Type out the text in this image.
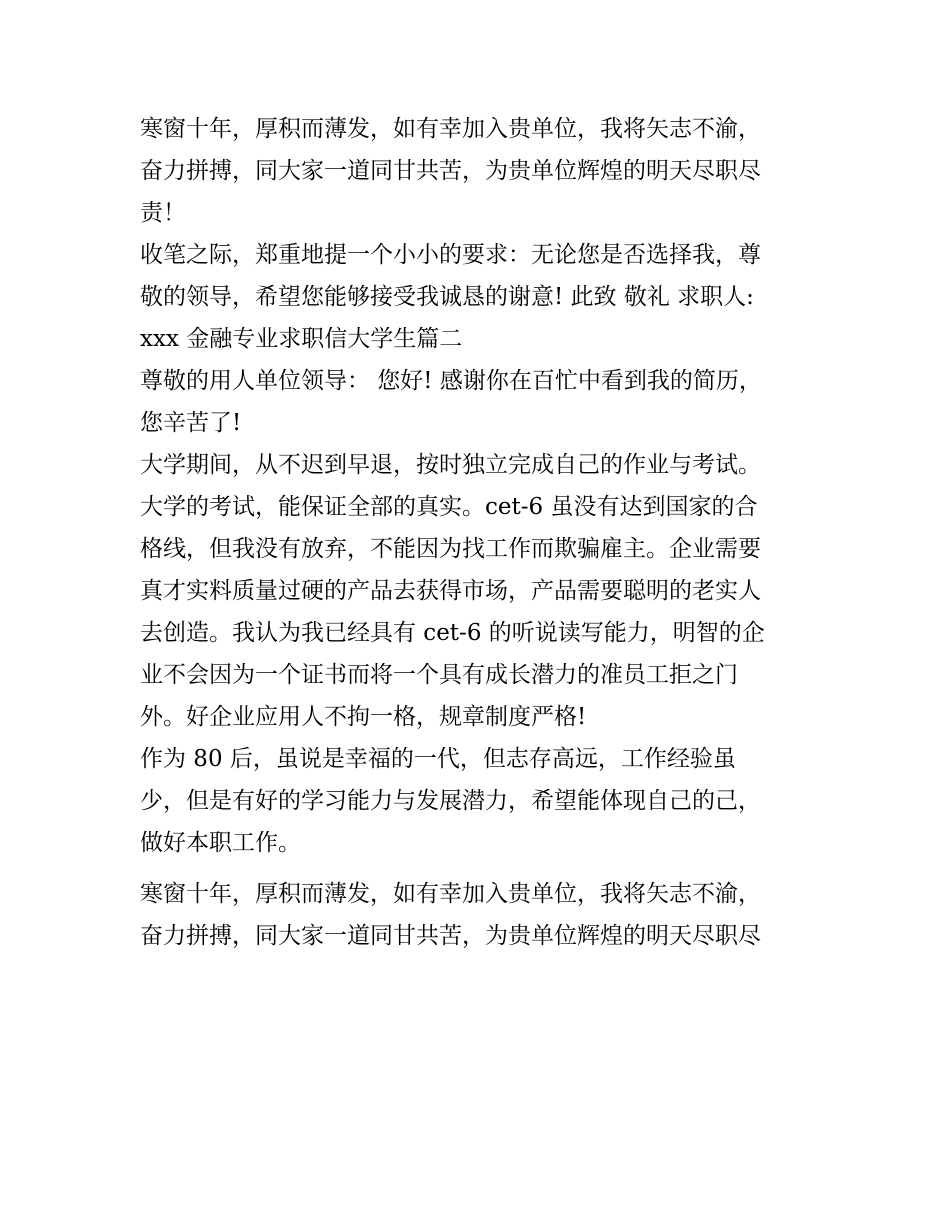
寒窗十年，厚积而薄发，如有幸加入贵单位，我将矢志不渝，
奋力拼搏，同大家一道同甘共苦，为贵单位辉煌的明天尽职尽
责！
收笔之际，郑重地提一个小小的要求：无论您是否选择我，尊
敬的领导，希望您能够接受我诚恳的谢意! 此致 敬礼 求职人:
xxx 金融专业求职信大学生篇二
尊敬的用人单位领导： 您好! 感谢你在百忙中看到我的简历，
您辛苦了!
大学期间，从不迟到早退，按时独立完成自己的作业与考试。
大学的考试，能保证全部的真实。cet-6 虽没有达到国家的合
格线，但我没有放弃，不能因为找工作而欺骗雇主。企业需要
真才实料质量过硬的产品去获得市场，产品需要聪明的老实人
去创造。我认为我已经具有 cet-6 的听说读写能力，明智的企
业不会因为一个证书而将一个具有成长潜力的准员工拒之门
外。好企业应用人不拘一格，规章制度严格!
作为 80 后，虽说是幸福的一代，但志存高远，工作经验虽
少，但是有好的学习能力与发展潜力，希望能体现自己的己，
做好本职工作。
寒窗十年，厚积而薄发，如有幸加入贵单位，我将矢志不渝，
奋力拼搏，同大家一道同甘共苦，为贵单位辉煌的明天尽职尽
